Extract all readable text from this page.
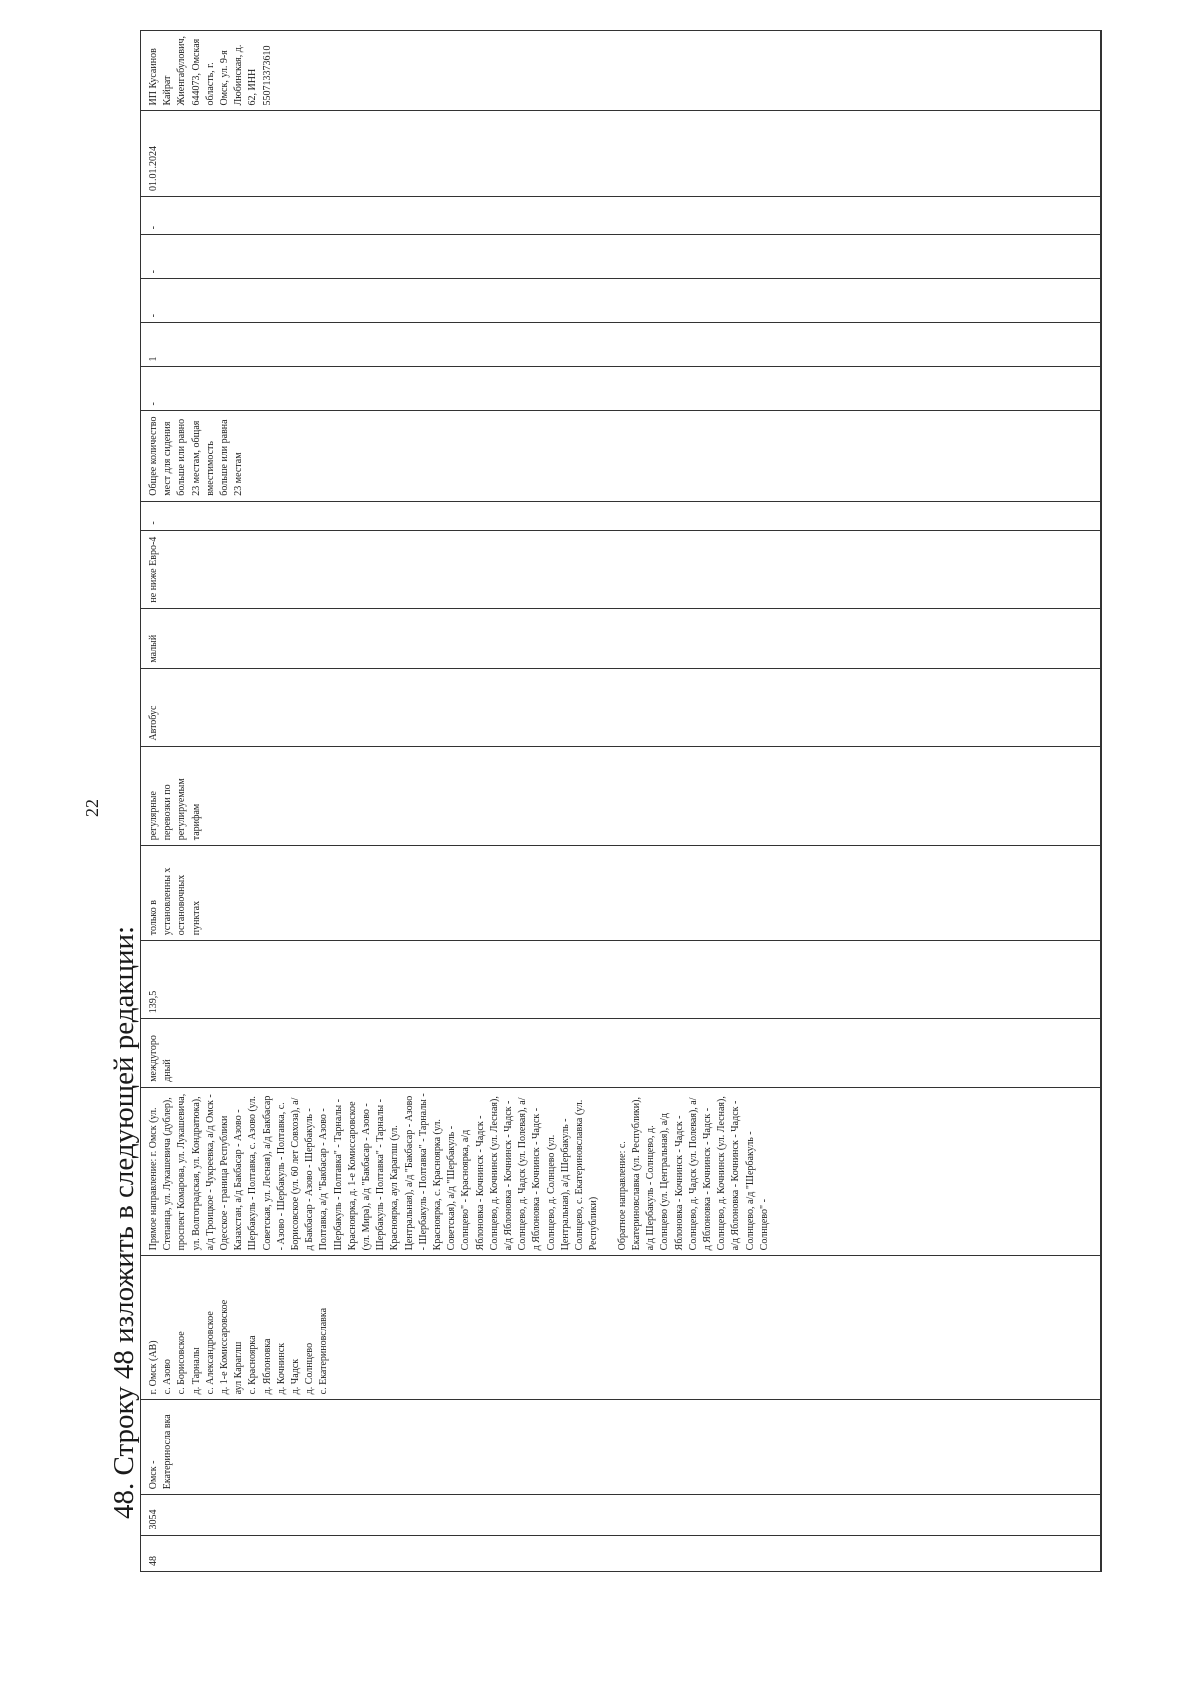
22
48. Строку 48 изложить в следующей редакции:
48
3054
Омск - Екатериносла вка
г. Омск (АВ)
с. Азово
с. Борисовское
д. Тарналы
с. Александровское
д. 1-е Комиссаровское
аул Караглш
с. Красноярка
д. Яблоновка
д. Кочнинск
д. Чадск
д. Солнцево
с. Екатериновславка
Прямое направление: г. Омск (ул. Степанца, ул. Лукашевича (дублер), проспект Комарова, ул. Лукашевича, ул. Волгоградская, ул. Кондратюка), а/д Троицкое - Чукреевка, а/д Омск - Одесское - граница Республики Казахстан, а/д Бакбасар - Азово - Шербакуль - Полтавка, с. Азово (ул. Советская, ул. Лесная), а/д Бакбасар - Азово - Шербакуль - Полтавка, с. Борисовское (ул. 60 лет Совхоза), а/д Бакбасар - Азово - Шербакуль - Полтавка, а/д "Бакбасар - Азово - Шербакуль - Полтавка" - Тарналы - Красноярка, д. 1-е Комиссаровское (ул. Мира), а/д "Бакбасар - Азово - Шербакуль - Полтавка" - Тарналы - Красноярка, аул Караглш (ул. Центральная), а/д "Бакбасар - Азово - Шербакуль - Полтавка" - Тарналы - Красноярка, с. Красноярка (ул. Советская), а/д "Шербакуль - Солнцево" - Красноярка, а/д Яблоновка - Кочнинск - Чадск - Солнцево, д. Кочнинск (ул. Лесная), а/д Яблоновка - Кочнинск - Чадск - Солнцево, д. Чадск (ул. Полевая), а/д Яблоновка - Кочнинск - Чадск - Солнцево, д. Солнцево (ул. Центральная), а/д Шербакуль - Солнцево, с. Екатериновславка (ул. Республики)

Обратное направление: с. Екатериновславка (ул. Республики), а/д Шербакуль - Солнцево, д. Солнцево (ул. Центральная), а/д Яблоновка - Кочнинск - Чадск - Солнцево, д. Чадск (ул. Полевая), а/д Яблоновка - Кочнинск - Чадск - Солнцево, д. Кочнинск (ул. Лесная), а/д Яблоновка - Кочнинск - Чадск - Солнцево, а/д "Шербакуль - Солнцево" -
междугоро дный
139,5
только в установленны х остановочных пунктах
регулярные перевозки по регулируемым тарифам
Автобус
малый
не ниже Евро-4
-
Общее количество мест для сидения больше или равно 23 местам, общая вместимость больше или равна 23 местам
-
1
-
-
-
01.01.2024
ИП Кусаинов Кайрат Жиенгабулович, 644073, Омская область, г. Омск, ул. 9-я Любинская, д. 62, ИНН 550713373610
